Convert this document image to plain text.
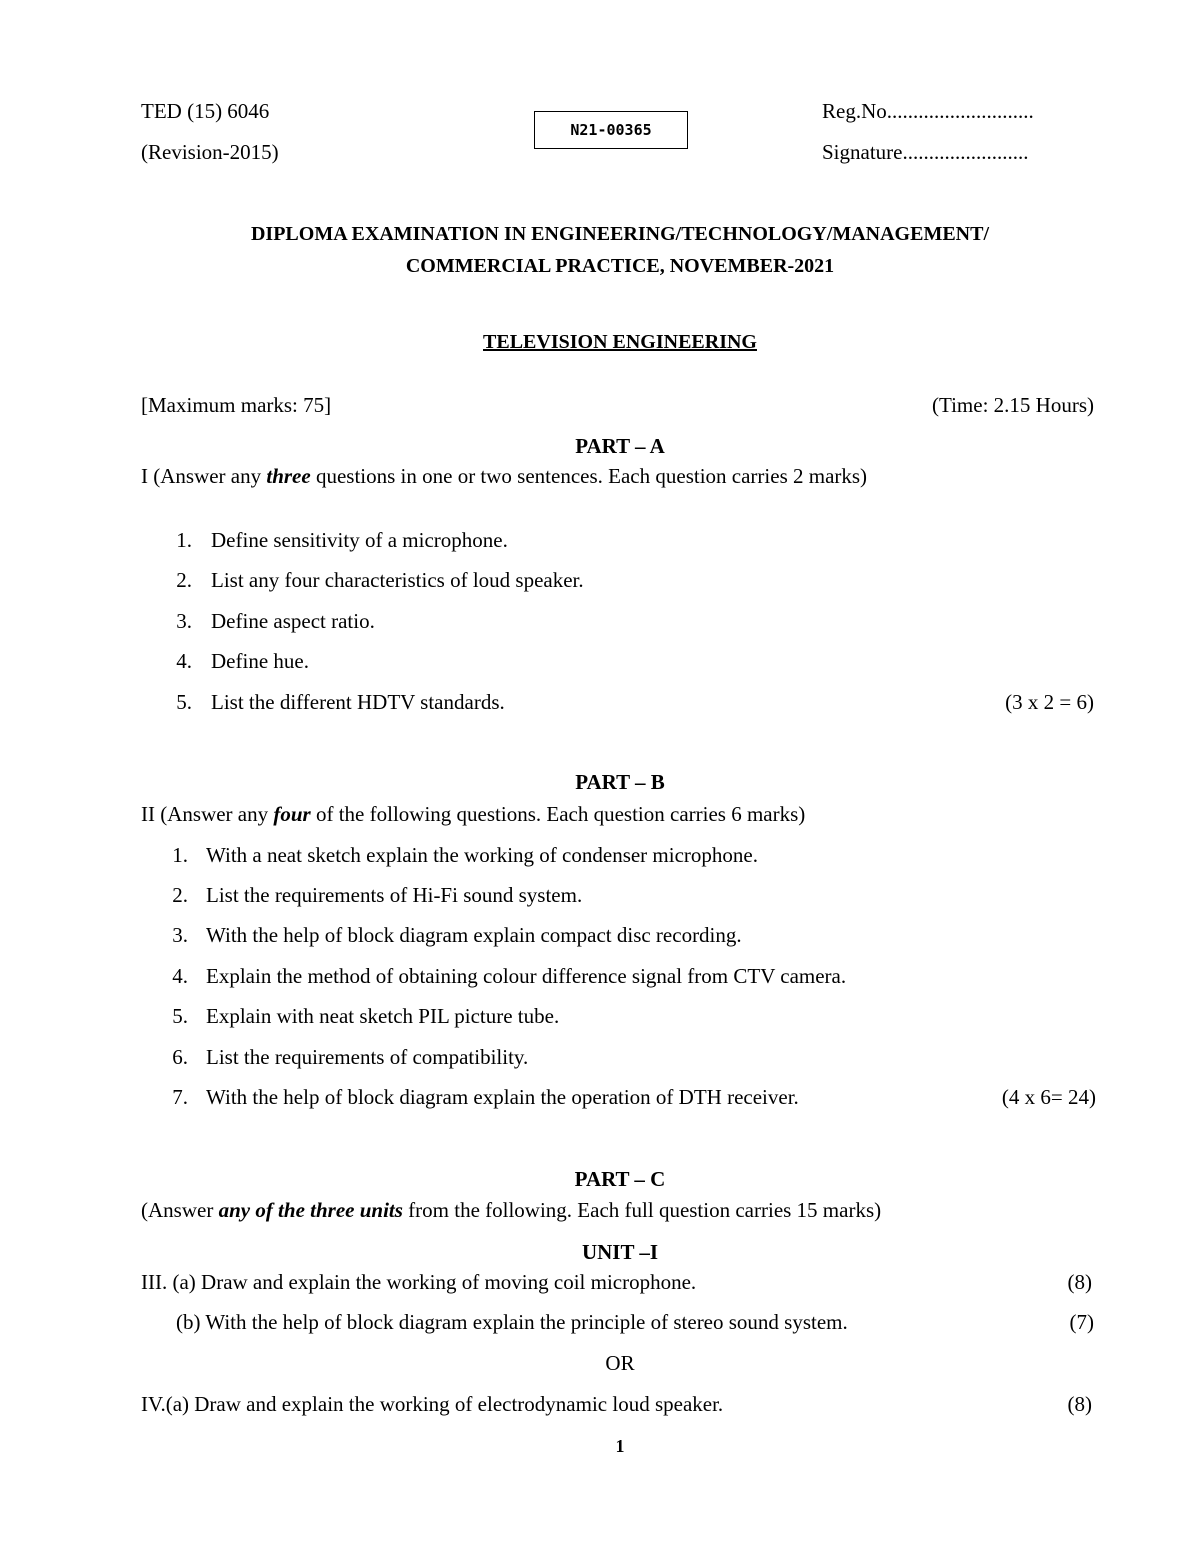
TED (15) 6046
(Revision-2015)
N21-00365
Reg.No............................
Signature........................
DIPLOMA EXAMINATION IN ENGINEERING/TECHNOLOGY/MANAGEMENT/
COMMERCIAL PRACTICE, NOVEMBER-2021
TELEVISION ENGINEERING
[Maximum marks: 75]	(Time: 2.15 Hours)
PART – A
I (Answer any three questions in one or two sentences. Each question carries 2 marks)
1. Define sensitivity of a microphone.
2. List any four characteristics of loud speaker.
3. Define aspect ratio.
4. Define hue.
5. List the different HDTV standards.	(3 x 2 = 6)
PART – B
II (Answer any four of the following questions. Each question carries 6 marks)
1. With a neat sketch explain the working of condenser microphone.
2. List the requirements of Hi-Fi sound system.
3. With the help of block diagram explain compact disc recording.
4. Explain the method of obtaining colour difference signal from CTV camera.
5. Explain with neat sketch PIL picture tube.
6. List the requirements of compatibility.
7. With the help of block diagram explain the operation of DTH receiver.	(4 x 6= 24)
PART – C
(Answer any of the three units from the following. Each full question carries 15 marks)
UNIT –I
III. (a) Draw and explain the working of moving coil microphone.	(8)
(b) With the help of block diagram explain the principle of stereo sound system.	(7)
OR
IV.(a) Draw and explain the working of electrodynamic loud speaker.	(8)
1
